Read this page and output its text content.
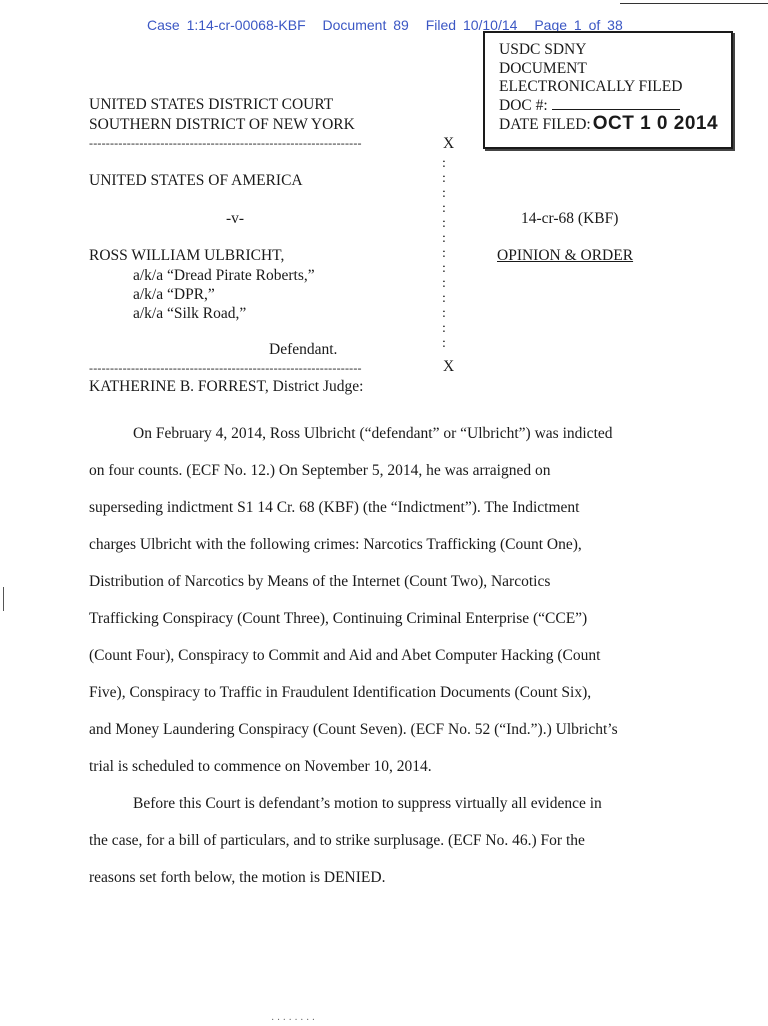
Case 1:14-cr-00068-KBF Document 89 Filed 10/10/14 Page 1 of 38
USDC SDNY
DOCUMENT
ELECTRONICALLY FILED
DOC #:
DATE FILED: OCT 1 0 2014
UNITED STATES DISTRICT COURT
SOUTHERN DISTRICT OF NEW YORK
-----------------------------------------------------------------	X
:
:
:
:
:
:
:
:
:
:
:
:
:
UNITED STATES OF AMERICA
-v-	14-cr-68 (KBF)
ROSS WILLIAM ULBRICHT,	OPINION & ORDER
a/k/a “Dread Pirate Roberts,”
a/k/a “DPR,”
a/k/a “Silk Road,”
Defendant.
-----------------------------------------------------------------	X
KATHERINE B. FORREST, District Judge:
On February 4, 2014, Ross Ulbricht (“defendant” or “Ulbricht”) was indicted
on four counts. (ECF No. 12.) On September 5, 2014, he was arraigned on
superseding indictment S1 14 Cr. 68 (KBF) (the “Indictment”). The Indictment
charges Ulbricht with the following crimes: Narcotics Trafficking (Count One),
Distribution of Narcotics by Means of the Internet (Count Two), Narcotics
Trafficking Conspiracy (Count Three), Continuing Criminal Enterprise (“CCE”)
(Count Four), Conspiracy to Commit and Aid and Abet Computer Hacking (Count
Five), Conspiracy to Traffic in Fraudulent Identification Documents (Count Six),
and Money Laundering Conspiracy (Count Seven). (ECF No. 52 (“Ind.”).) Ulbricht’s
trial is scheduled to commence on November 10, 2014.
Before this Court is defendant’s motion to suppress virtually all evidence in
the case, for a bill of particulars, and to strike surplusage. (ECF No. 46.) For the
reasons set forth below, the motion is DENIED.
· · · · · · · ·
